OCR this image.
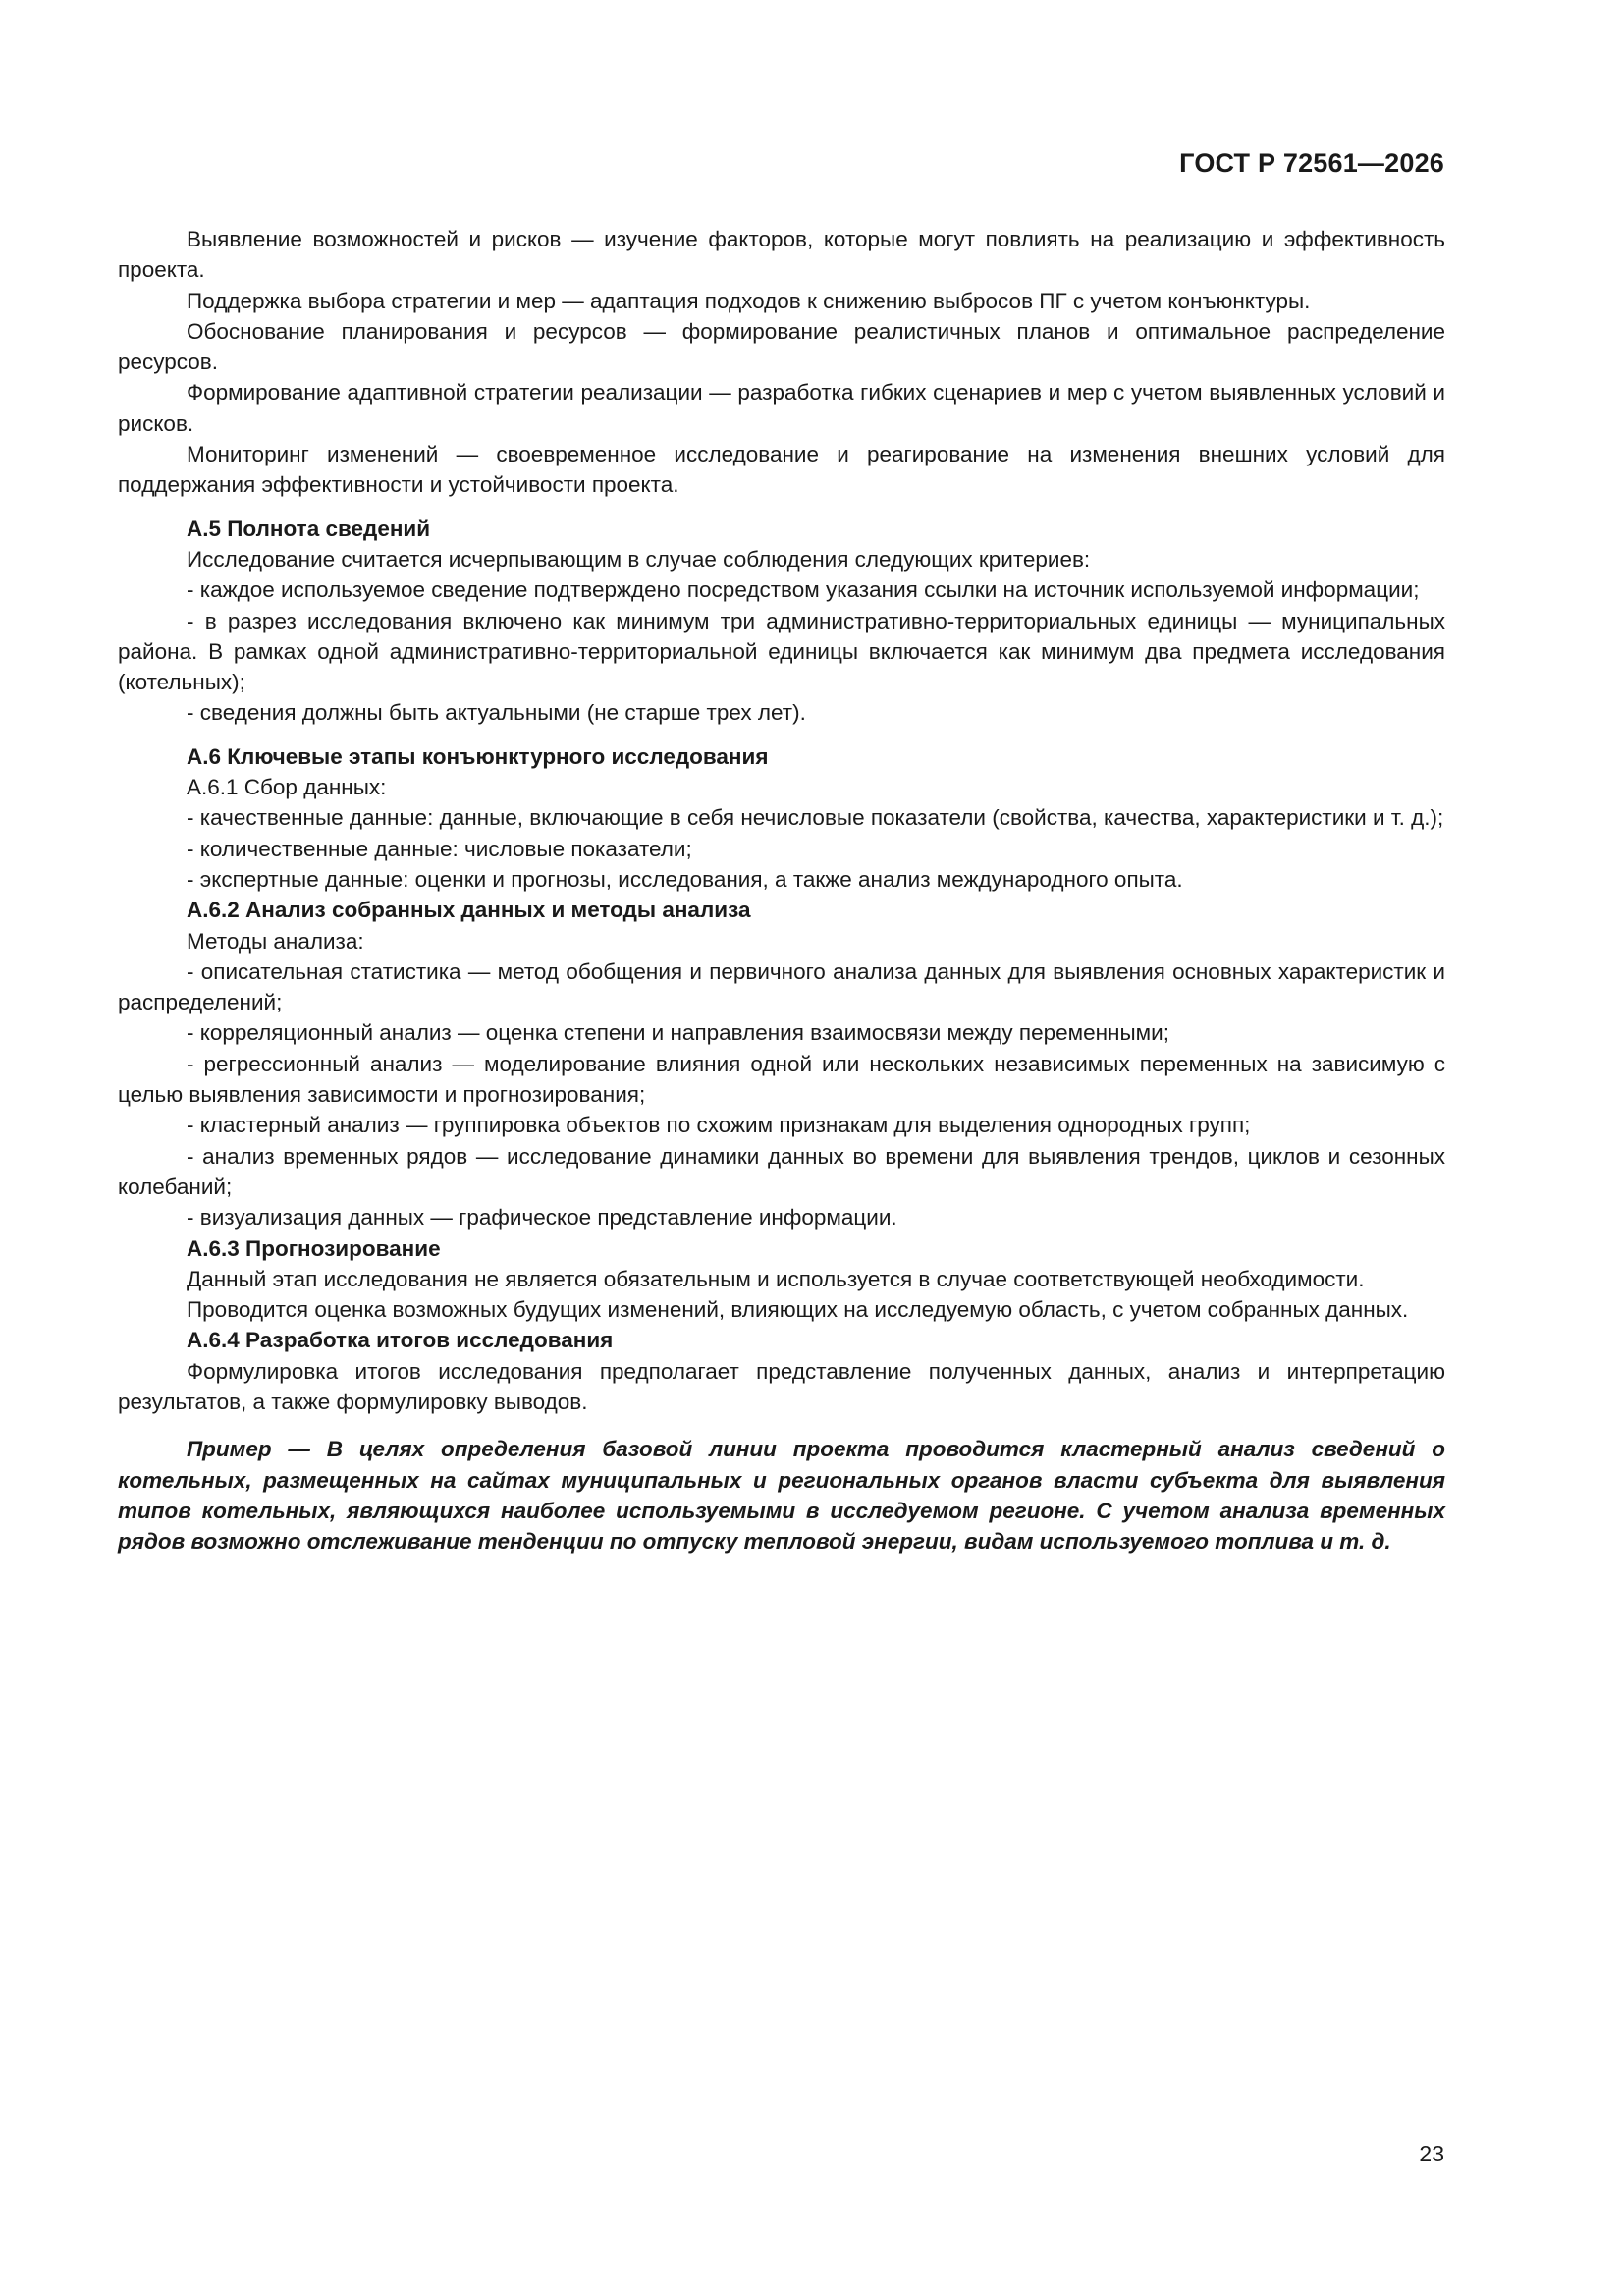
ГОСТ Р 72561—2026

Выявление возможностей и рисков — изучение факторов, которые могут повлиять на реализацию и эффективность проекта.

Поддержка выбора стратегии и мер — адаптация подходов к снижению выбросов ПГ с учетом конъюнктуры.

Обоснование планирования и ресурсов — формирование реалистичных планов и оптимальное распределение ресурсов.

Формирование адаптивной стратегии реализации — разработка гибких сценариев и мер с учетом выявленных условий и рисков.

Мониторинг изменений — своевременное исследование и реагирование на изменения внешних условий для поддержания эффективности и устойчивости проекта.

А.5 Полнота сведений

Исследование считается исчерпывающим в случае соблюдения следующих критериев:

- каждое используемое сведение подтверждено посредством указания ссылки на источник используемой информации;

- в разрез исследования включено как минимум три административно-территориальных единицы — муниципальных района. В рамках одной административно-территориальной единицы включается как минимум два предмета исследования (котельных);

- сведения должны быть актуальными (не старше трех лет).

А.6 Ключевые этапы конъюнктурного исследования

А.6.1 Сбор данных:

- качественные данные: данные, включающие в себя нечисловые показатели (свойства, качества, характеристики и т. д.);

- количественные данные: числовые показатели;

- экспертные данные: оценки и прогнозы, исследования, а также анализ международного опыта.

А.6.2 Анализ собранных данных и методы анализа

Методы анализа:

- описательная статистика — метод обобщения и первичного анализа данных для выявления основных характеристик и распределений;

- корреляционный анализ — оценка степени и направления взаимосвязи между переменными;

- регрессионный анализ — моделирование влияния одной или нескольких независимых переменных на зависимую с целью выявления зависимости и прогнозирования;

- кластерный анализ — группировка объектов по схожим признакам для выделения однородных групп;

- анализ временных рядов — исследование динамики данных во времени для выявления трендов, циклов и сезонных колебаний;

- визуализация данных — графическое представление информации.

А.6.3 Прогнозирование

Данный этап исследования не является обязательным и используется в случае соответствующей необходимости.

Проводится оценка возможных будущих изменений, влияющих на исследуемую область, с учетом собранных данных.

А.6.4 Разработка итогов исследования

Формулировка итогов исследования предполагает представление полученных данных, анализ и интерпретацию результатов, а также формулировку выводов.

Пример — В целях определения базовой линии проекта проводится кластерный анализ сведений о котельных, размещенных на сайтах муниципальных и региональных органов власти субъекта для выявления типов котельных, являющихся наиболее используемыми в исследуемом регионе. С учетом анализа временных рядов возможно отслеживание тенденции по отпуску тепловой энергии, видам используемого топлива и т. д.

23
